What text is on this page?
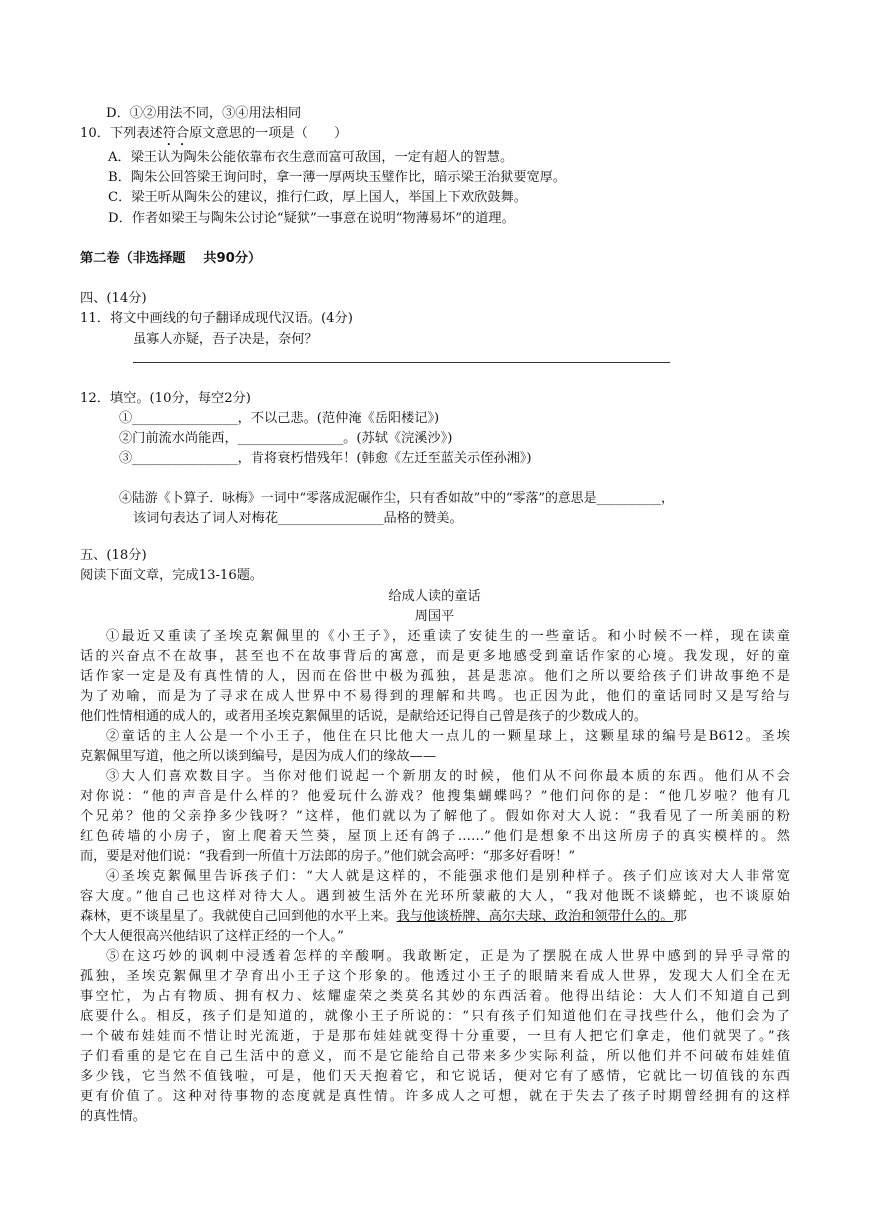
D．①②用法不同，③④用法相同
10．下列表述符合原文意思的一项是（　　）
A．梁王认为陶朱公能依靠布衣生意而富可敌国，一定有超人的智慧。
B．陶朱公回答梁王询问时，拿一薄一厚两块玉璧作比，暗示梁王治狱要宽厚。
C．梁王听从陶朱公的建议，推行仁政，厚上国人，举国上下欢欣鼓舞。
D．作者如梁王与陶朱公讨论“疑狱”一事意在说明“物薄易坏”的道理。
第二卷（非选择题　 共90分）
四、(14分)
11．将文中画线的句子翻译成现代汉语。(4分)
虽寡人亦疑，吾子决是，奈何？
12．填空。(10分，每空2分)
①________________，不以己悲。(范仲淹《岳阳楼记》)
②门前流水尚能西，________________。(苏轼《浣溪沙》)
③________________，肯将衰朽惜残年！(韩愈《左迁至蓝关示侄孙湘》)
④陆游《卜算子．咏梅》一词中“零落成泥碾作尘，只有香如故”中的“零落”的意思是__________，
该词句表达了词人对梅花________________品格的赞美。
五、(18分)
阅读下面文章，完成13-16题。
给成人读的童话
周国平
①最近又重读了圣埃克絮佩里的《小王子》，还重读了安徒生的一些童话。和小时候不一样，现在读童
话的兴奋点不在故事，甚至也不在故事背后的寓意，而是更多地感受到童话作家的心境。我发现，好的童
话作家一定是及有真性情的人，因而在俗世中极为孤独，甚是悲凉。他们之所以要给孩子们讲故事绝不是
为了劝喻，而是为了寻求在成人世界中不易得到的理解和共鸣。也正因为此，他们的童话同时又是写给与
他们性情相通的成人的，或者用圣埃克絮佩里的话说，是献给还记得自己曾是孩子的少数成人的。
②童话的主人公是一个小王子，他住在只比他大一点儿的一颗星球上，这颗星球的编号是B612。圣埃
克絮佩里写道，他之所以谈到编号，是因为成人们的缘故——
③大人们喜欢数目字。当你对他们说起一个新朋友的时候，他们从不问你最本质的东西。他们从不会
对你说：“他的声音是什么样的？他爱玩什么游戏？他搜集蝴蝶吗？”他们问你的是：“他几岁啦？他有几
个兄弟？他的父亲挣多少钱呀？”这样，他们就以为了解他了。假如你对大人说：“我看见了一所美丽的粉
红色砖墙的小房子，窗上爬着天竺葵，屋顶上还有鸽子……”他们是想象不出这所房子的真实模样的。然
而，要是对他们说：“我看到一所值十万法郎的房子。”他们就会高呼：“那多好看呀！”
④圣埃克絮佩里告诉孩子们：“大人就是这样的，不能强求他们是别种样子。孩子们应该对大人非常宽
容大度。”他自己也这样对待大人。遇到被生活外在光环所蒙蔽的大人，“我对他既不谈蟒蛇，也不谈原始
森林，更不谈星星了。我就使自己回到他的水平上来。我与他谈桥牌、高尔夫球、政治和领带什么的。那
个大人便很高兴他结识了这样正经的一个人。”
⑤在这巧妙的讽刺中浸透着怎样的辛酸啊。我敢断定，正是为了摆脱在成人世界中感到的异乎寻常的
孤独，圣埃克絮佩里才孕育出小王子这个形象的。他透过小王子的眼睛来看成人世界，发现大人们全在无
事空忙，为占有物质、拥有权力、炫耀虚荣之类莫名其妙的东西活着。他得出结论：大人们不知道自己到
底要什么。相反，孩子们是知道的，就像小王子所说的：“只有孩子们知道他们在寻找些什么，他们会为了
一个破布娃娃而不惜让时光流逝，于是那布娃娃就变得十分重要，一旦有人把它们拿走，他们就哭了。”孩
子们看重的是它在自己生活中的意义，而不是它能给自己带来多少实际利益，所以他们并不问破布娃娃值
多少钱，它当然不值钱啦，可是，他们天天抱着它，和它说话，便对它有了感情，它就比一切值钱的东西
更有价值了。这种对待事物的态度就是真性情。许多成人之可想，就在于失去了孩子时期曾经拥有的这样
的真性情。
